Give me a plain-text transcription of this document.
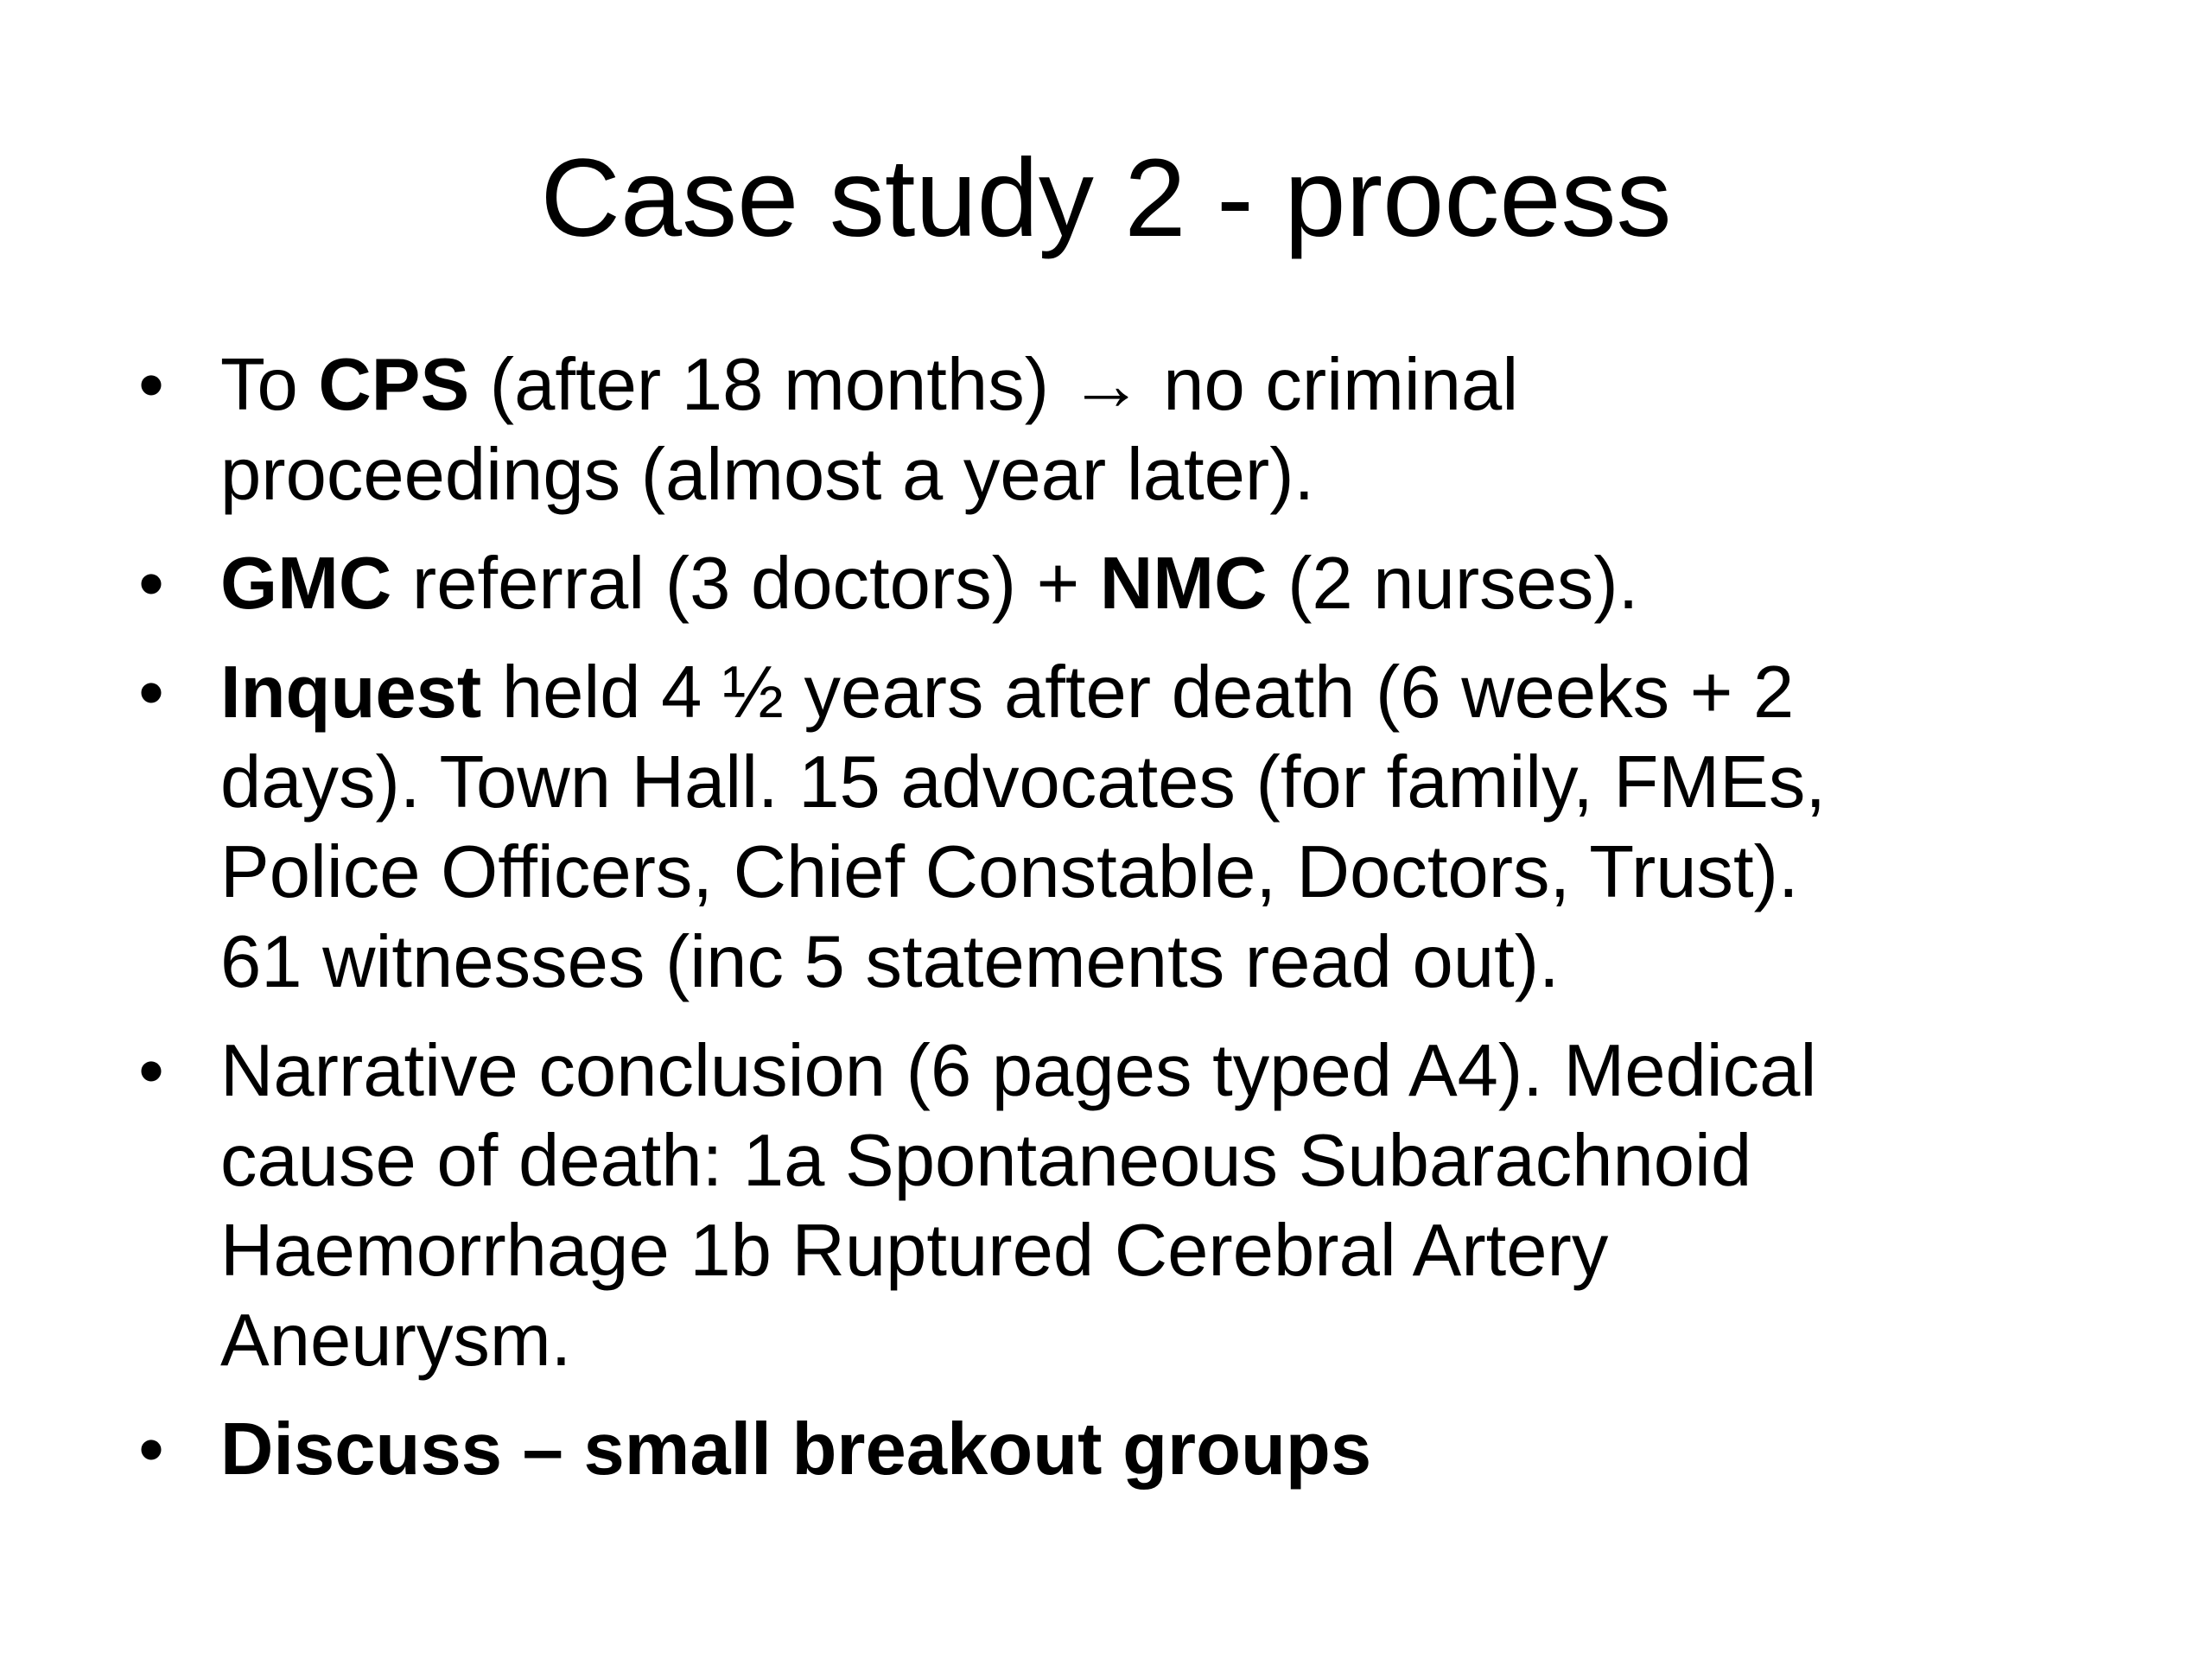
Case study 2 - process
• To CPS (after 18 months) → no criminal
proceedings (almost a year later).
• GMC referral (3 doctors) + NMC (2 nurses).
• Inquest held 4 ½ years after death (6 weeks + 2
days). Town Hall. 15 advocates (for family, FMEs,
Police Officers, Chief Constable, Doctors, Trust).
61 witnesses (inc 5 statements read out).
• Narrative conclusion (6 pages typed A4). Medical
cause of death: 1a Spontaneous Subarachnoid
Haemorrhage 1b Ruptured Cerebral Artery
Aneurysm.
• Discuss – small breakout groups
